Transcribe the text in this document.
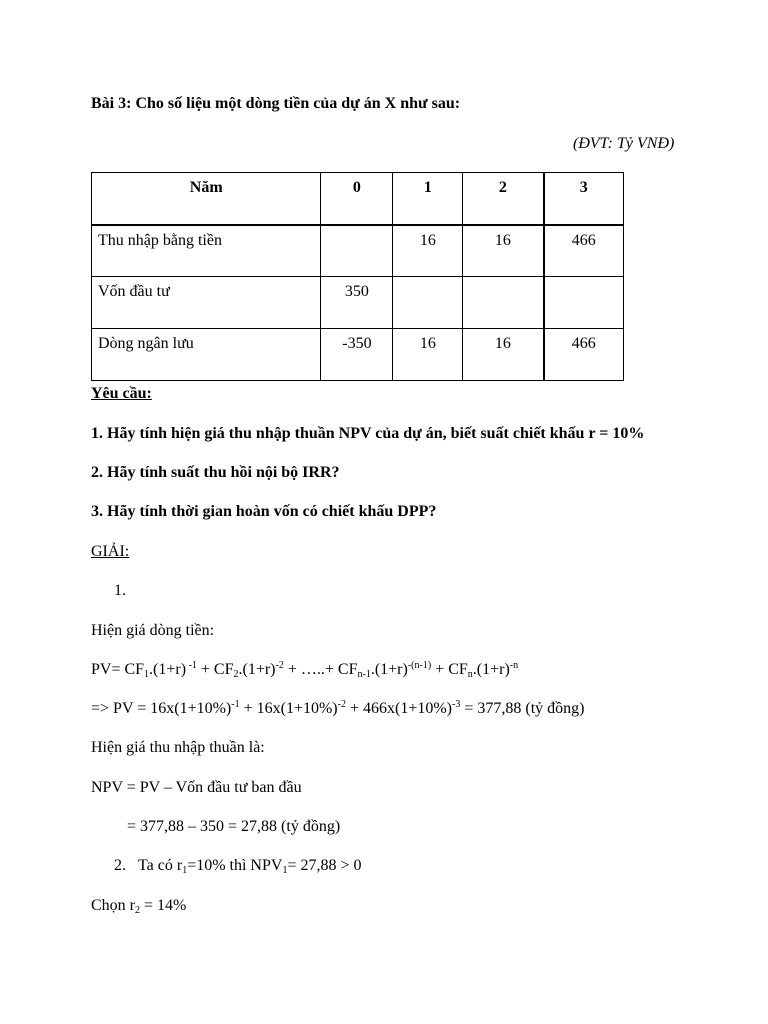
Bài 3: Cho số liệu một dòng tiền của dự án X như sau:
(ĐVT: Tỷ VNĐ)
Năm	0	1	2	3
Thu nhập bằng tiền		16	16	466
Vốn đầu tư	350			
Dòng ngân lưu	-350	16	16	466
Yêu cầu:
1. Hãy tính hiện giá thu nhập thuần NPV của dự án, biết suất chiết khấu r = 10%
2. Hãy tính suất thu hồi nội bộ IRR?
3. Hãy tính thời gian hoàn vốn có chiết khấu DPP?
GIẢI:
1.
Hiện giá dòng tiền:
$PV= CF_1.(1+r) ^{-1} + CF_2.(1+r)^{-2}$ + …..+ $CF_{n-1}.(1+r)^{-(n-1)} + CF_n.(1+r)^{-n}$
=> PV = $16x(1+10\%)^{-1} + 16x(1+10\%)^{-2} + 466x(1+10\%)^{-3} = 377,88$ (tỷ đồng)
Hiện giá thu nhập thuần là:
NPV = PV – Vốn đầu tư ban đầu
= 377,88 – 350 = 27,88 (tỷ đồng)
2. Ta có $r_1=10\%$ thì $NPV_1= 27,88 > 0$
Chọn $r_2 = 14\%$
